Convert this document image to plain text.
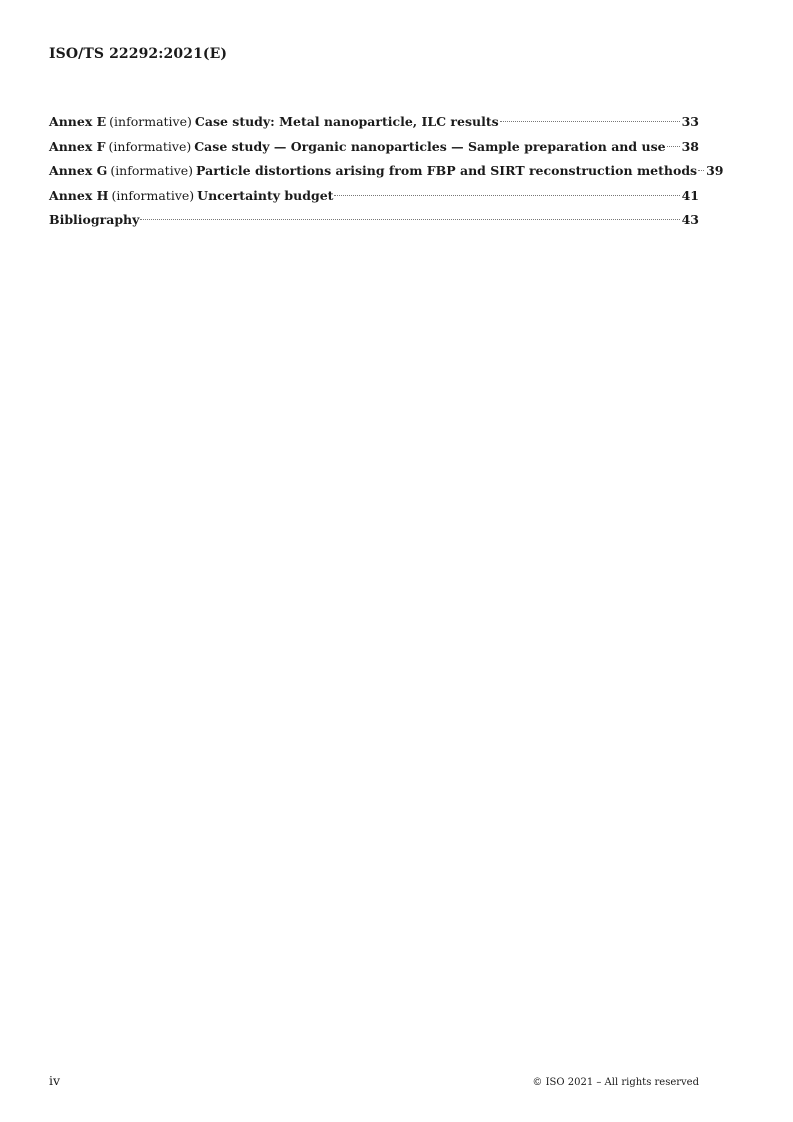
ISO/TS 22292:2021(E)
Annex E (informative) Case study: Metal nanoparticle, ILC results	33
Annex F (informative) Case study — Organic nanoparticles — Sample preparation and use 38
Annex G (informative) Particle distortions arising from FBP and SIRT reconstruction methods 39
Annex H (informative) Uncertainty budget	41
Bibliography	43
iv	© ISO 2021 – All rights reserved
